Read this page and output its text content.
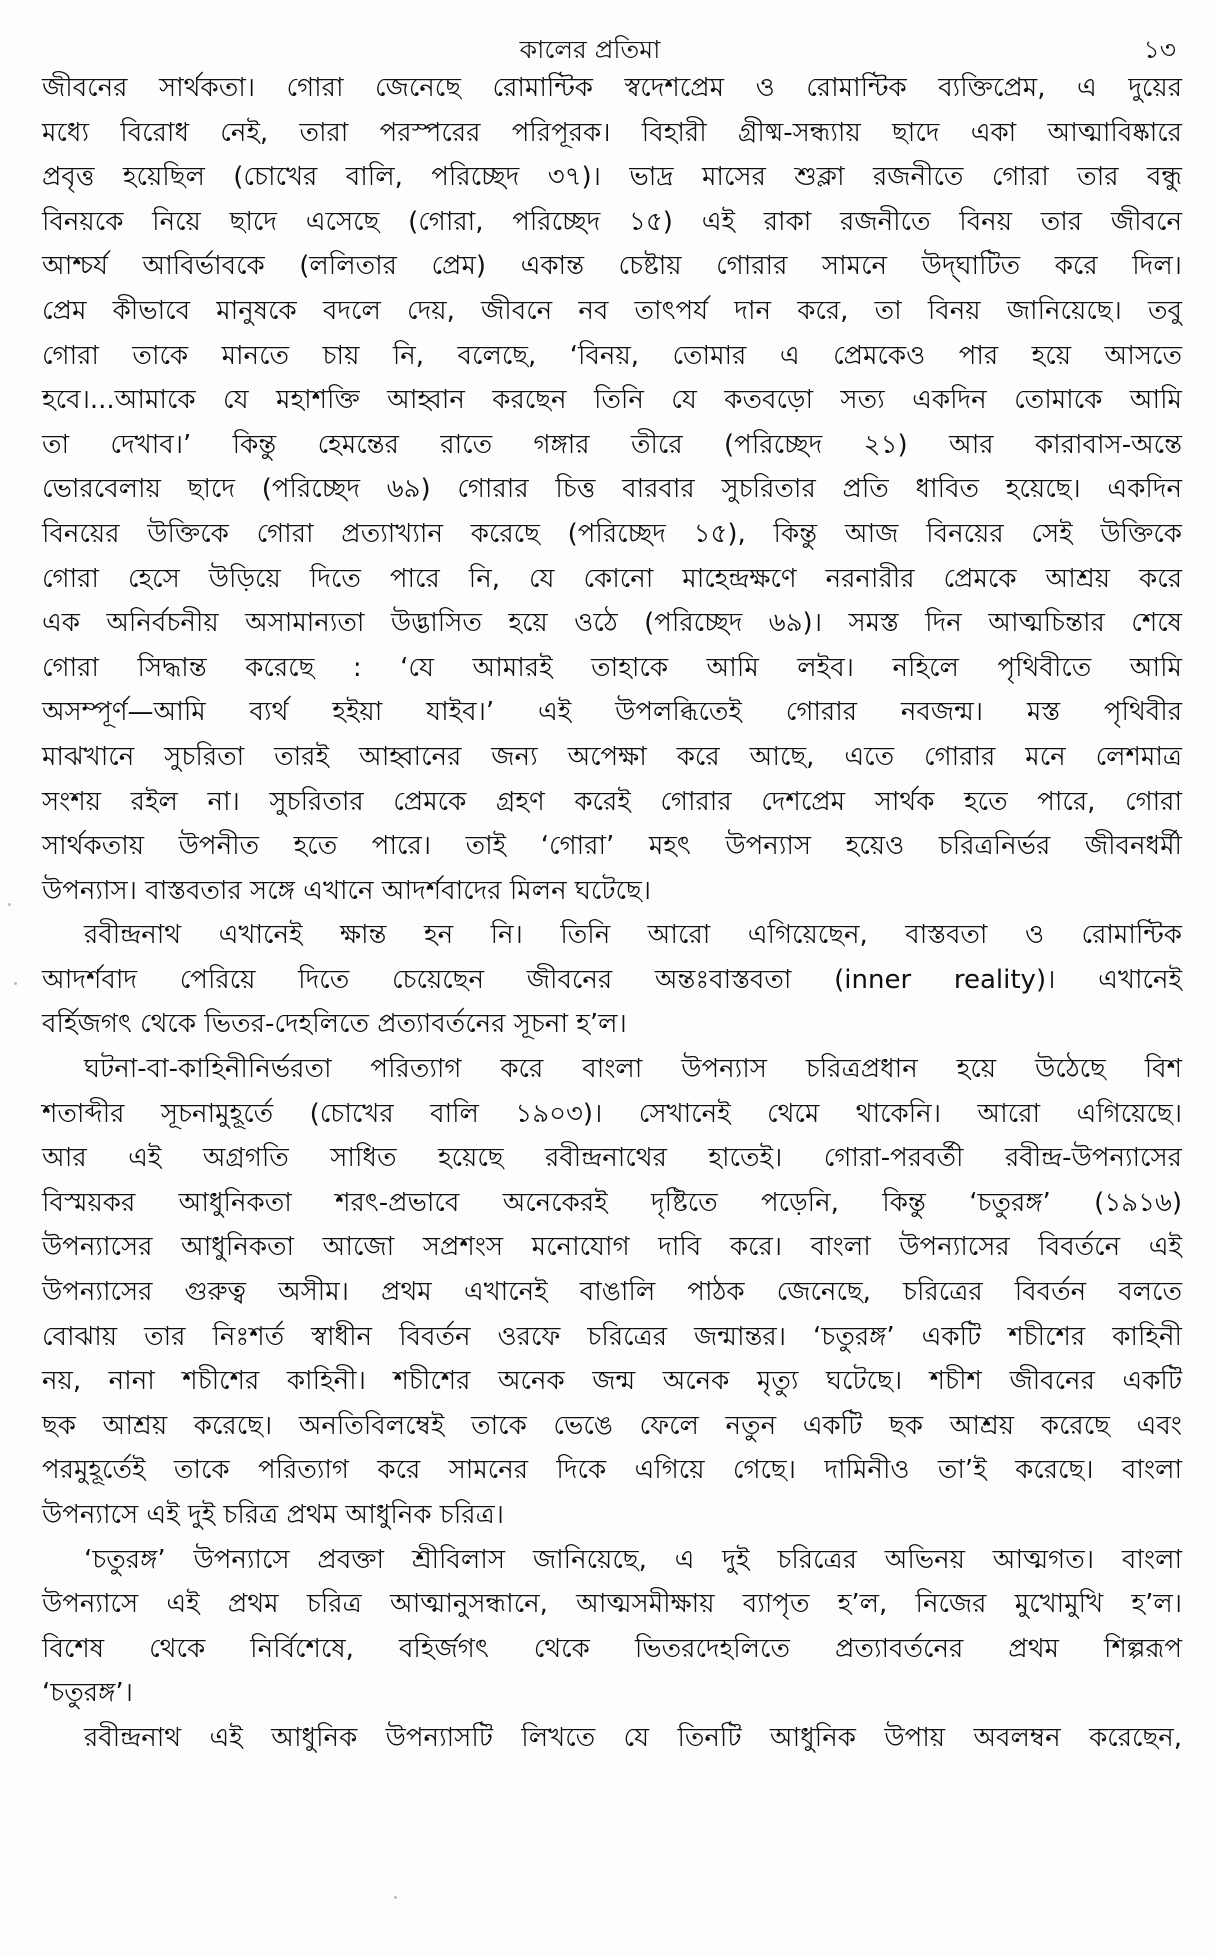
কালের প্রতিমা	১৩
জীবনের সার্থকতা। গোরা জেনেছে রোমান্টিক স্বদেশপ্রেম ও রোমান্টিক ব্যক্তিপ্রেম, এ দুয়ের
মধ্যে বিরোধ নেই, তারা পরস্পরের পরিপূরক। বিহারী গ্রীষ্ম-সন্ধ্যায় ছাদে একা আত্মাবিষ্কারে
প্রবৃত্ত হয়েছিল (চোখের বালি, পরিচ্ছেদ ৩৭)। ভাদ্র মাসের শুক্লা রজনীতে গোরা তার বন্ধু
বিনয়কে নিয়ে ছাদে এসেছে (গোরা, পরিচ্ছেদ ১৫) এই রাকা রজনীতে বিনয় তার জীবনে
আশ্চর্য আবির্ভাবকে (ললিতার প্রেম) একান্ত চেষ্টায় গোরার সামনে উদ্‌ঘাটিত করে দিল।
প্রেম কীভাবে মানুষকে বদলে দেয়, জীবনে নব তাৎপর্য দান করে, তা বিনয় জানিয়েছে। তবু
গোরা তাকে মানতে চায় নি, বলেছে, ‘বিনয়, তোমার এ প্রেমকেও পার হয়ে আসতে
হবে।...আমাকে যে মহাশক্তি আহ্বান করছেন তিনি যে কতবড়ো সত্য একদিন তোমাকে আমি
তা দেখাব।’ কিন্তু হেমন্তের রাতে গঙ্গার তীরে (পরিচ্ছেদ ২১) আর কারাবাস-অন্তে
ভোরবেলায় ছাদে (পরিচ্ছেদ ৬৯) গোরার চিত্ত বারবার সুচরিতার প্রতি ধাবিত হয়েছে। একদিন
বিনয়ের উক্তিকে গোরা প্রত্যাখ্যান করেছে (পরিচ্ছেদ ১৫), কিন্তু আজ বিনয়ের সেই উক্তিকে
গোরা হেসে উড়িয়ে দিতে পারে নি, যে কোনো মাহেন্দ্রক্ষণে নরনারীর প্রেমকে আশ্রয় করে
এক অনির্বচনীয় অসামান্যতা উদ্ভাসিত হয়ে ওঠে (পরিচ্ছেদ ৬৯)। সমস্ত দিন আত্মচিন্তার শেষে
গোরা সিদ্ধান্ত করেছে : ‘যে আমারই তাহাকে আমি লইব। নহিলে পৃথিবীতে আমি
অসম্পূর্ণ—আমি ব্যর্থ হইয়া যাইব।’ এই উপলব্ধিতেই গোরার নবজন্ম। মস্ত পৃথিবীর
মাঝখানে সুচরিতা তারই আহ্বানের জন্য অপেক্ষা করে আছে, এতে গোরার মনে লেশমাত্র
সংশয় রইল না। সুচরিতার প্রেমকে গ্রহণ করেই গোরার দেশপ্রেম সার্থক হতে পারে, গোরা
সার্থকতায় উপনীত হতে পারে। তাই ‘গোরা’ মহৎ উপন্যাস হয়েও চরিত্রনির্ভর জীবনধর্মী
উপন্যাস। বাস্তবতার সঙ্গে এখানে আদর্শবাদের মিলন ঘটেছে।
রবীন্দ্রনাথ এখানেই ক্ষান্ত হন নি। তিনি আরো এগিয়েছেন, বাস্তবতা ও রোমান্টিক
আদর্শবাদ পেরিয়ে দিতে চেয়েছেন জীবনের অন্তঃবাস্তবতা (inner reality)। এখানেই
বর্হিজগৎ থেকে ভিতর-দেহলিতে প্রত্যাবর্তনের সূচনা হ’ল।
ঘটনা-বা-কাহিনীনির্ভরতা পরিত্যাগ করে বাংলা উপন্যাস চরিত্রপ্রধান হয়ে উঠেছে বিশ
শতাব্দীর সূচনামুহূর্তে (চোখের বালি ১৯০৩)। সেখানেই থেমে থাকেনি। আরো এগিয়েছে।
আর এই অগ্রগতি সাধিত হয়েছে রবীন্দ্রনাথের হাতেই। গোরা-পরবর্তী রবীন্দ্র-উপন্যাসের
বিস্ময়কর আধুনিকতা শরৎ-প্রভাবে অনেকেরই দৃষ্টিতে পড়েনি, কিন্তু ‘চতুরঙ্গ’ (১৯১৬)
উপন্যাসের আধুনিকতা আজো সপ্রশংস মনোযোগ দাবি করে। বাংলা উপন্যাসের বিবর্তনে এই
উপন্যাসের গুরুত্ব অসীম। প্রথম এখানেই বাঙালি পাঠক জেনেছে, চরিত্রের বিবর্তন বলতে
বোঝায় তার নিঃশর্ত স্বাধীন বিবর্তন ওরফে চরিত্রের জন্মান্তর। ‘চতুরঙ্গ’ একটি শচীশের কাহিনী
নয়, নানা শচীশের কাহিনী। শচীশের অনেক জন্ম অনেক মৃত্যু ঘটেছে। শচীশ জীবনের একটি
ছক আশ্রয় করেছে। অনতিবিলম্বেই তাকে ভেঙে ফেলে নতুন একটি ছক আশ্রয় করেছে এবং
পরমুহূর্তেই তাকে পরিত্যাগ করে সামনের দিকে এগিয়ে গেছে। দামিনীও তা’ই করেছে। বাংলা
উপন্যাসে এই দুই চরিত্র প্রথম আধুনিক চরিত্র।
‘চতুরঙ্গ’ উপন্যাসে প্রবক্তা শ্রীবিলাস জানিয়েছে, এ দুই চরিত্রের অভিনয় আত্মগত। বাংলা
উপন্যাসে এই প্রথম চরিত্র আত্মানুসন্ধানে, আত্মসমীক্ষায় ব্যাপৃত হ’ল, নিজের মুখোমুখি হ’ল।
বিশেষ থেকে নির্বিশেষে, বহির্জগৎ থেকে ভিতরদেহলিতে প্রত্যাবর্তনের প্রথম শিল্পরূপ
‘চতুরঙ্গ’।
রবীন্দ্রনাথ এই আধুনিক উপন্যাসটি লিখতে যে তিনটি আধুনিক উপায় অবলম্বন করেছেন,
